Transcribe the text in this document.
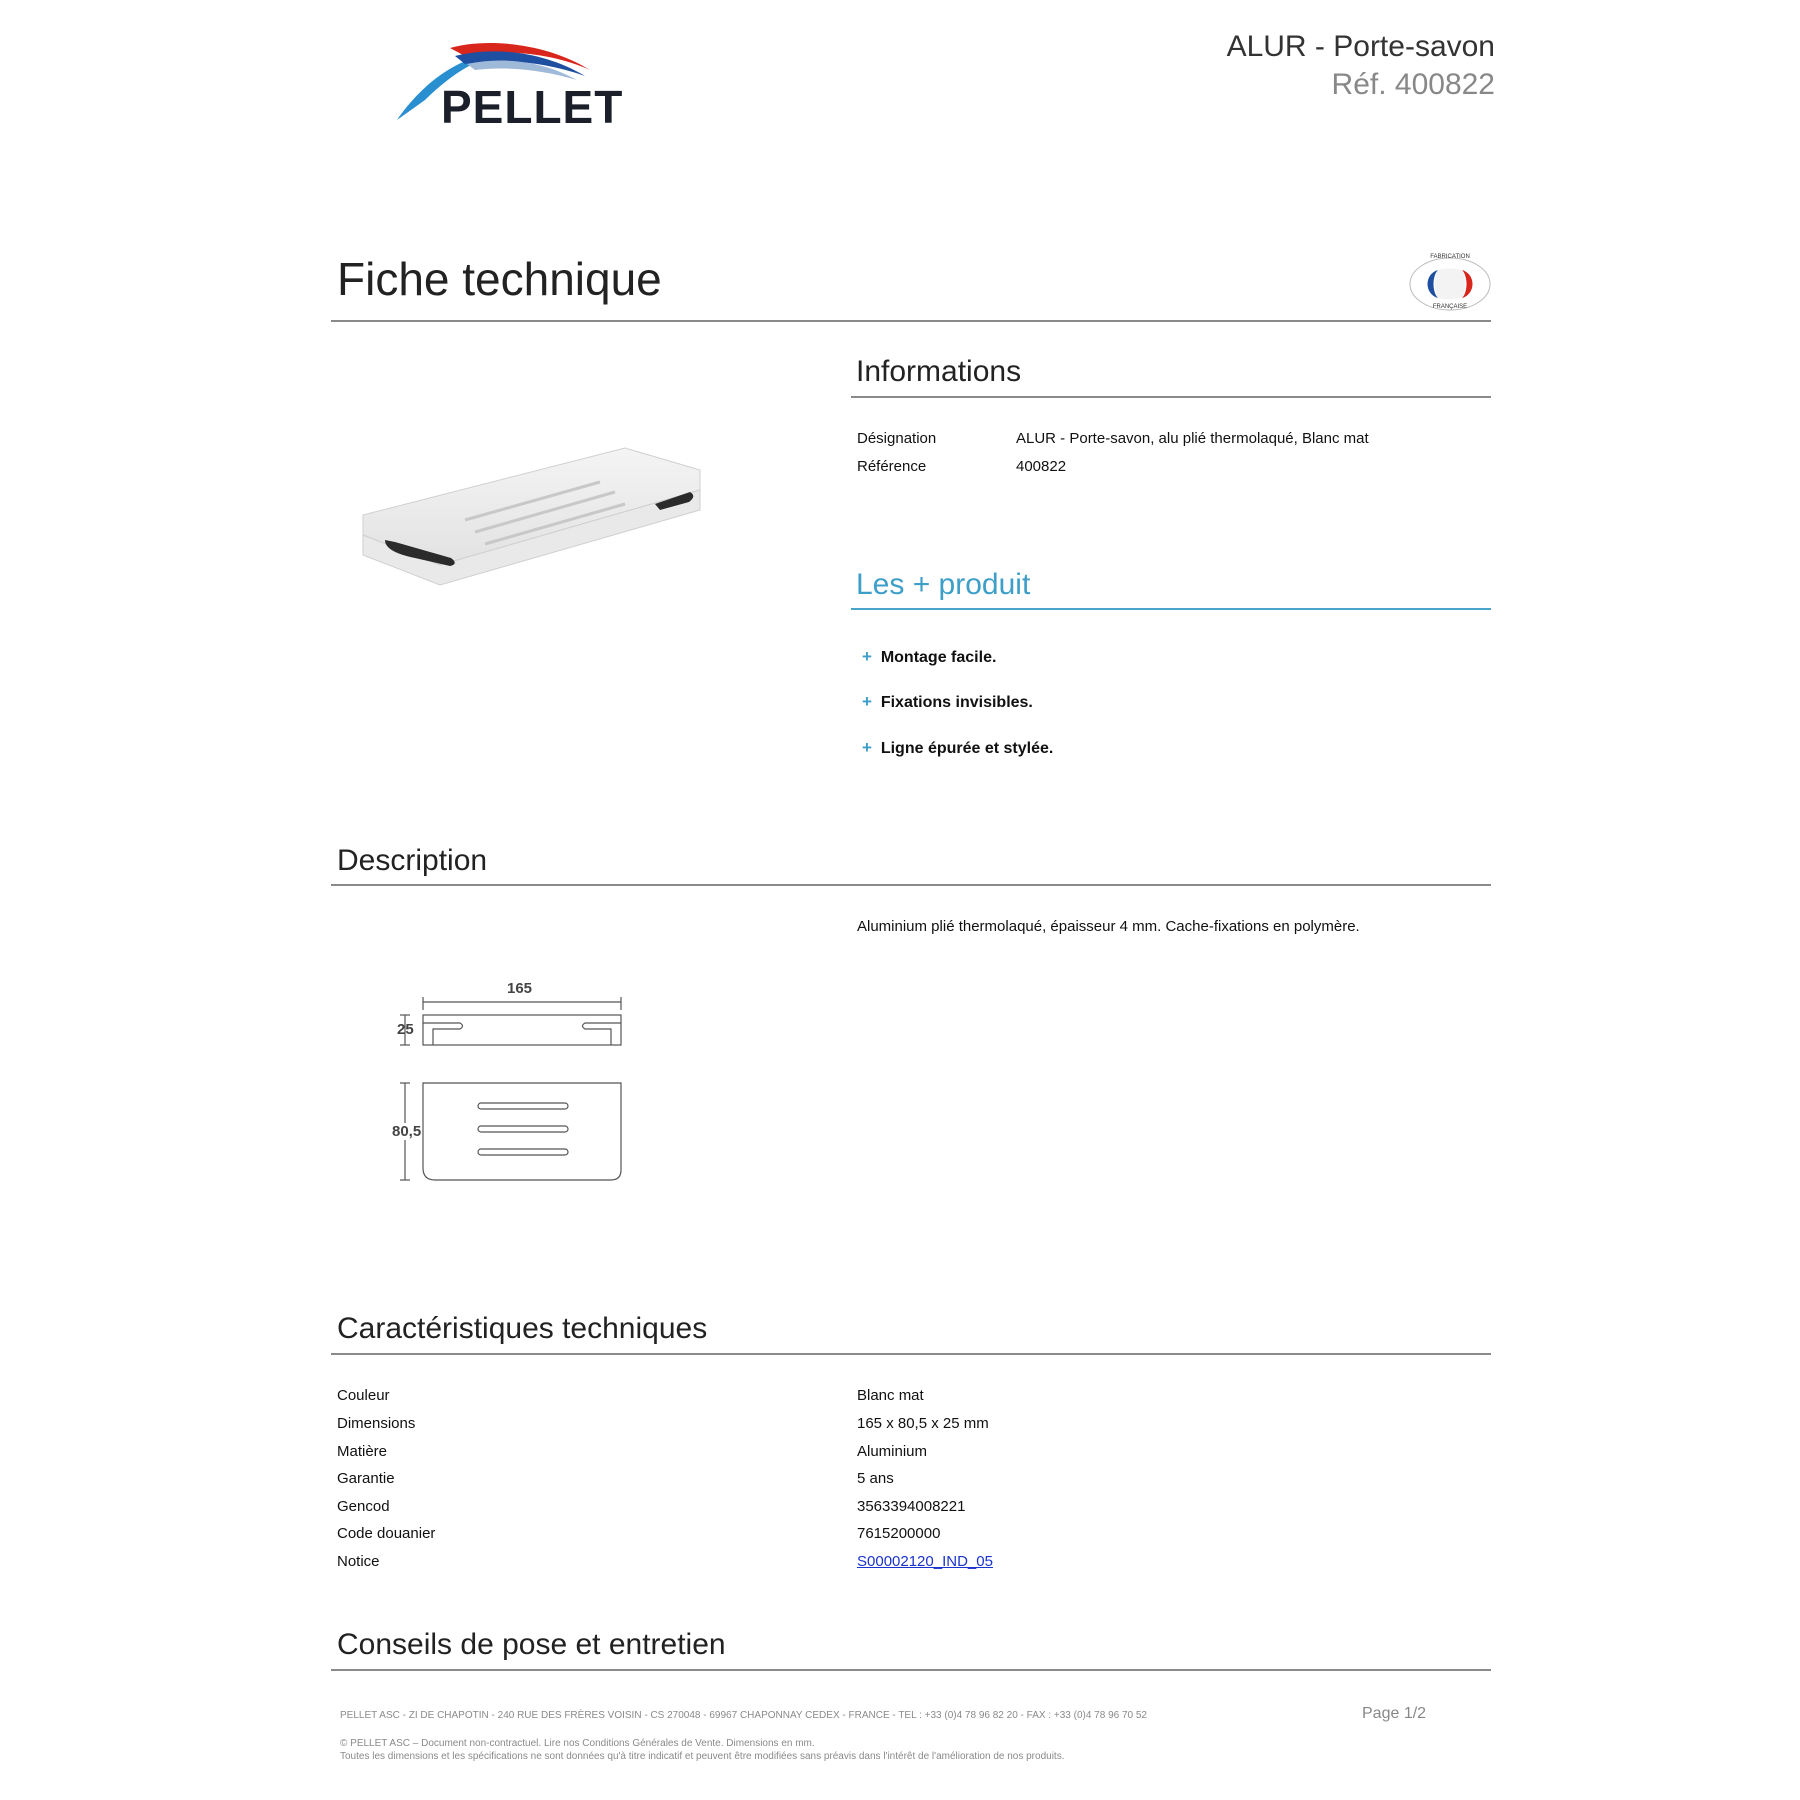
PELLET
ALUR - Porte-savon
Réf. 400822
Fiche technique	FABRICATION
FRANÇAISE
Informations
Désignation	ALUR - Porte-savon, alu plié thermolaqué, Blanc mat
Référence	400822
Les + produit
+ Montage facile.
+ Fixations invisibles.
+ Ligne épurée et stylée.
Description
Aluminium plié thermolaqué, épaisseur 4 mm. Cache-fixations en polymère.
165
25
80,5
Caractéristiques techniques
Couleur	Blanc mat
Dimensions	165 x 80,5 x 25 mm
Matière	Aluminium
Garantie	5 ans
Gencod	3563394008221
Code douanier	7615200000
Notice	S00002120_IND_05
Conseils de pose et entretien
PELLET ASC - ZI DE CHAPOTIN - 240 RUE DES FRÈRES VOISIN - CS 270048 - 69967 CHAPONNAY CEDEX - FRANCE - TEL : +33 (0)4 78 96 82 20 - FAX : +33 (0)4 78 96 70 52	Page 1/2
© PELLET ASC – Document non-contractuel. Lire nos Conditions Générales de Vente. Dimensions en mm.
Toutes les dimensions et les spécifications ne sont données qu'à titre indicatif et peuvent être modifiées sans préavis dans l'intérêt de l'amélioration de nos produits.
